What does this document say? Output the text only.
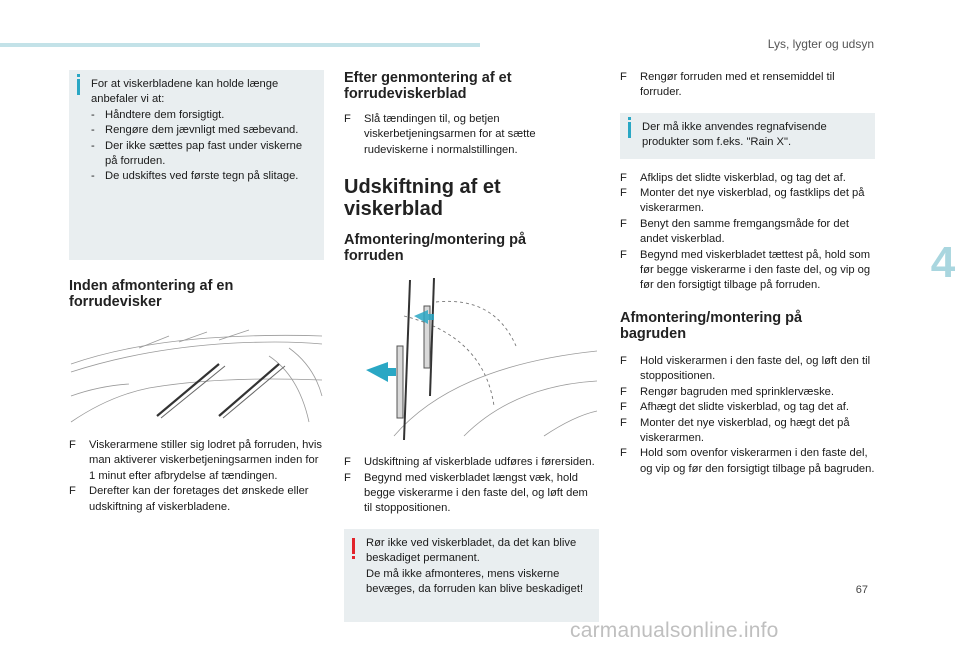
Lys, lygter og udsyn
4
For at viskerbladene kan holde længe anbefaler vi at:
- Håndtere dem forsigtigt.
- Rengøre dem jævnligt med sæbevand.
- Der ikke sættes pap fast under viskerne på forruden.
- De udskiftes ved første tegn på slitage.
Inden afmontering af en forrudevisker
F	Viskerarmene stiller sig lodret på forruden, hvis man aktiverer viskerbetjeningsarmen inden for 1 minut efter afbrydelse af tændingen.
F	Derefter kan der foretages det ønskede eller udskiftning af viskerbladene.
Efter genmontering af et forrudeviskerblad
F	Slå tændingen til, og betjen viskerbetjeningsarmen for at sætte rudeviskerne i normalstillingen.
Udskiftning af et viskerblad
Afmontering/montering på forruden
F	Udskiftning af viskerblade udføres i førersiden.
F	Begynd med viskerbladet længst væk, hold begge viskerarme i den faste del, og løft dem til stoppositionen.
Rør ikke ved viskerbladet, da det kan blive beskadiget permanent.
De må ikke afmonteres, mens viskerne bevæges, da forruden kan blive beskadiget!
F	Rengør forruden med et rensemiddel til forruder.
Der må ikke anvendes regnafvisende produkter som f.eks. "Rain X".
F	Afklips det slidte viskerblad, og tag det af.
F	Monter det nye viskerblad, og fastklips det på viskerarmen.
F	Benyt den samme fremgangsmåde for det andet viskerblad.
F	Begynd med viskerbladet tættest på, hold som før begge viskerarme i den faste del, og vip og før den forsigtigt tilbage på forruden.
Afmontering/montering på bagruden
F	Hold viskerarmen i den faste del, og løft den til stoppositionen.
F	Rengør bagruden med sprinklervæske.
F	Afhægt det slidte viskerblad, og tag det af.
F	Monter det nye viskerblad, og hægt det på viskerarmen.
F	Hold som ovenfor viskerarmen i den faste del, og vip og før den forsigtigt tilbage på bagruden.
67
carmanualsonline.info
